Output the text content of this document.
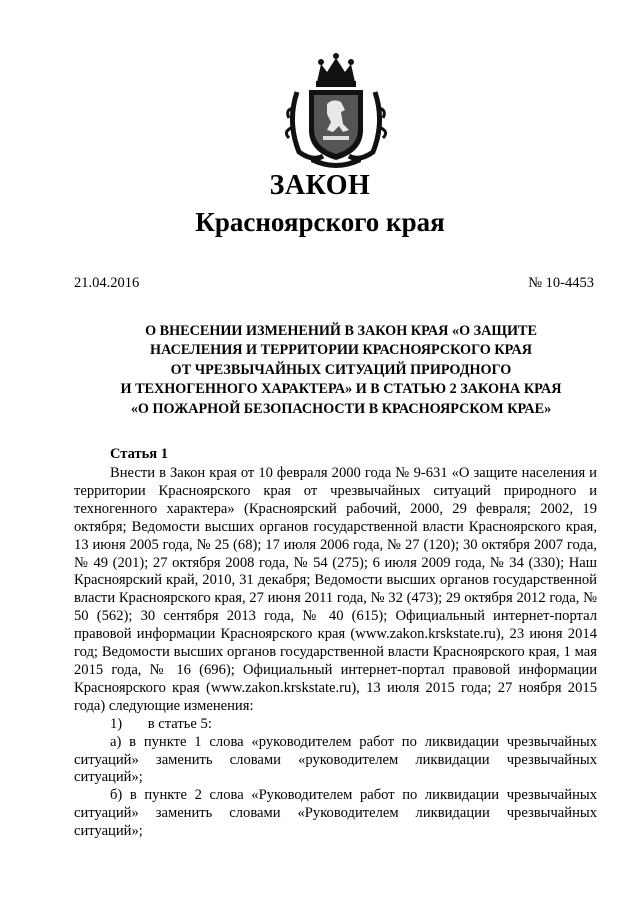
ЗАКОН
Красноярского края

21.04.2016	№ 10-4453

О ВНЕСЕНИИ ИЗМЕНЕНИЙ В ЗАКОН КРАЯ «О ЗАЩИТЕ
НАСЕЛЕНИЯ И ТЕРРИТОРИИ КРАСНОЯРСКОГО КРАЯ
ОТ ЧРЕЗВЫЧАЙНЫХ СИТУАЦИЙ ПРИРОДНОГО
И ТЕХНОГЕННОГО ХАРАКТЕРА» И В СТАТЬЮ 2 ЗАКОНА КРАЯ
«О ПОЖАРНОЙ БЕЗОПАСНОСТИ В КРАСНОЯРСКОМ КРАЕ»

Статья 1

Внести в Закон края от 10 февраля 2000 года № 9-631 «О защите населения и территории Красноярского края от чрезвычайных ситуаций природного и техногенного характера» (Красноярский рабочий, 2000, 29 февраля; 2002, 19 октября; Ведомости высших органов государственной власти Красноярского края, 13 июня 2005 года, № 25 (68); 17 июля 2006 года, № 27 (120); 30 октября 2007 года, № 49 (201); 27 октября 2008 года, № 54 (275); 6 июля 2009 года, № 34 (330); Наш Красноярский край, 2010, 31 декабря; Ведомости высших органов государственной власти Красноярского края, 27 июня 2011 года, № 32 (473); 29 октября 2012 года, № 50 (562); 30 сентября 2013 года, № 40 (615); Официальный интернет-портал правовой информации Красноярского края (www.zakon.krskstate.ru), 23 июня 2014 год; Ведомости высших органов государственной власти Красноярского края, 1 мая 2015 года, № 16 (696); Официальный интернет-портал правовой информации Красноярского края (www.zakon.krskstate.ru), 13 июля 2015 года; 27 ноября 2015 года) следующие изменения:

1)       в статье 5:

а) в пункте 1 слова «руководителем работ по ликвидации чрезвычайных ситуаций» заменить словами «руководителем ликвидации чрезвычайных ситуаций»;

б) в пункте 2 слова «Руководителем работ по ликвидации чрезвычайных ситуаций» заменить словами «Руководителем ликвидации чрезвычайных ситуаций»;
